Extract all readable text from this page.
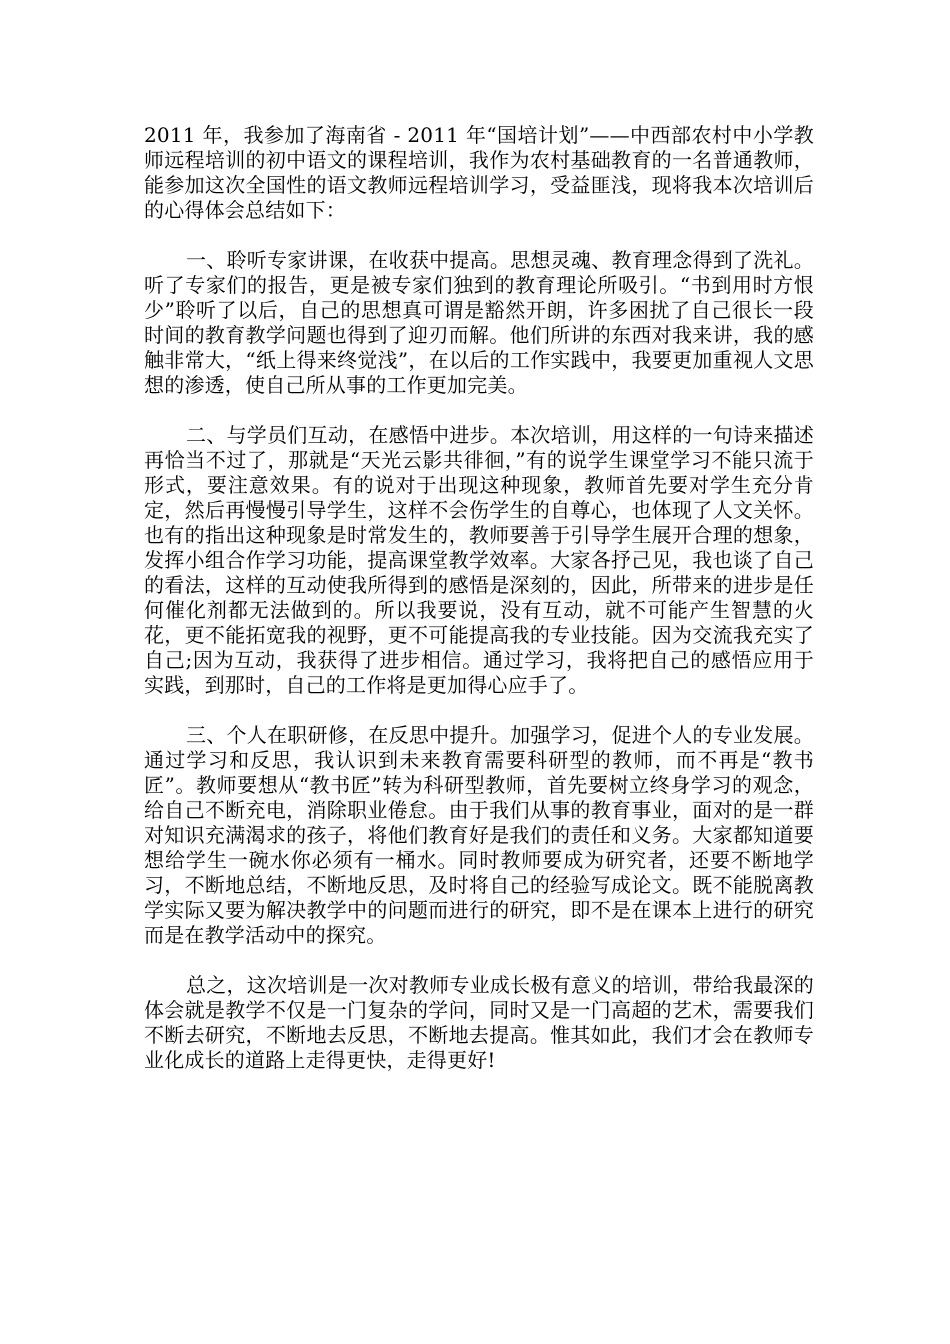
2011 年，我参加了海南省 - 2011 年“国培计划”——中西部农村中小学教师远程培训的初中语文的课程培训，我作为农村基础教育的一名普通教师，能参加这次全国性的语文教师远程培训学习，受益匪浅，现将我本次培训后的心得体会总结如下：

一、聆听专家讲课，在收获中提高。思想灵魂、教育理念得到了洗礼。听了专家们的报告，更是被专家们独到的教育理论所吸引。“书到用时方恨少”聆听了以后，自己的思想真可谓是豁然开朗，许多困扰了自己很长一段时间的教育教学问题也得到了迎刃而解。他们所讲的东西对我来讲，我的感触非常大，“纸上得来终觉浅”，在以后的工作实践中，我要更加重视人文思想的渗透，使自己所从事的工作更加完美。

二、与学员们互动，在感悟中进步。本次培训，用这样的一句诗来描述再恰当不过了，那就是“天光云影共徘徊，”有的说学生课堂学习不能只流于形式，要注意效果。有的说对于出现这种现象，教师首先要对学生充分肯定，然后再慢慢引导学生，这样不会伤学生的自尊心，也体现了人文关怀。也有的指出这种现象是时常发生的，教师要善于引导学生展开合理的想象，发挥小组合作学习功能，提高课堂教学效率。大家各抒己见，我也谈了自己的看法，这样的互动使我所得到的感悟是深刻的，因此，所带来的进步是任何催化剂都无法做到的。所以我要说，没有互动，就不可能产生智慧的火花，更不能拓宽我的视野，更不可能提高我的专业技能。因为交流我充实了自己;因为互动，我获得了进步相信。通过学习，我将把自己的感悟应用于实践，到那时，自己的工作将是更加得心应手了。

三、个人在职研修，在反思中提升。加强学习，促进个人的专业发展。通过学习和反思，我认识到未来教育需要科研型的教师，而不再是“教书匠”。教师要想从“教书匠”转为科研型教师，首先要树立终身学习的观念，给自己不断充电，消除职业倦怠。由于我们从事的教育事业，面对的是一群对知识充满渴求的孩子，将他们教育好是我们的责任和义务。大家都知道要想给学生一碗水你必须有一桶水。同时教师要成为研究者，还要不断地学习，不断地总结，不断地反思，及时将自己的经验写成论文。既不能脱离教学实际又要为解决教学中的问题而进行的研究，即不是在课本上进行的研究而是在教学活动中的探究。

总之，这次培训是一次对教师专业成长极有意义的培训，带给我最深的体会就是教学不仅是一门复杂的学问，同时又是一门高超的艺术，需要我们不断去研究，不断地去反思，不断地去提高。惟其如此，我们才会在教师专业化成长的道路上走得更快，走得更好!
